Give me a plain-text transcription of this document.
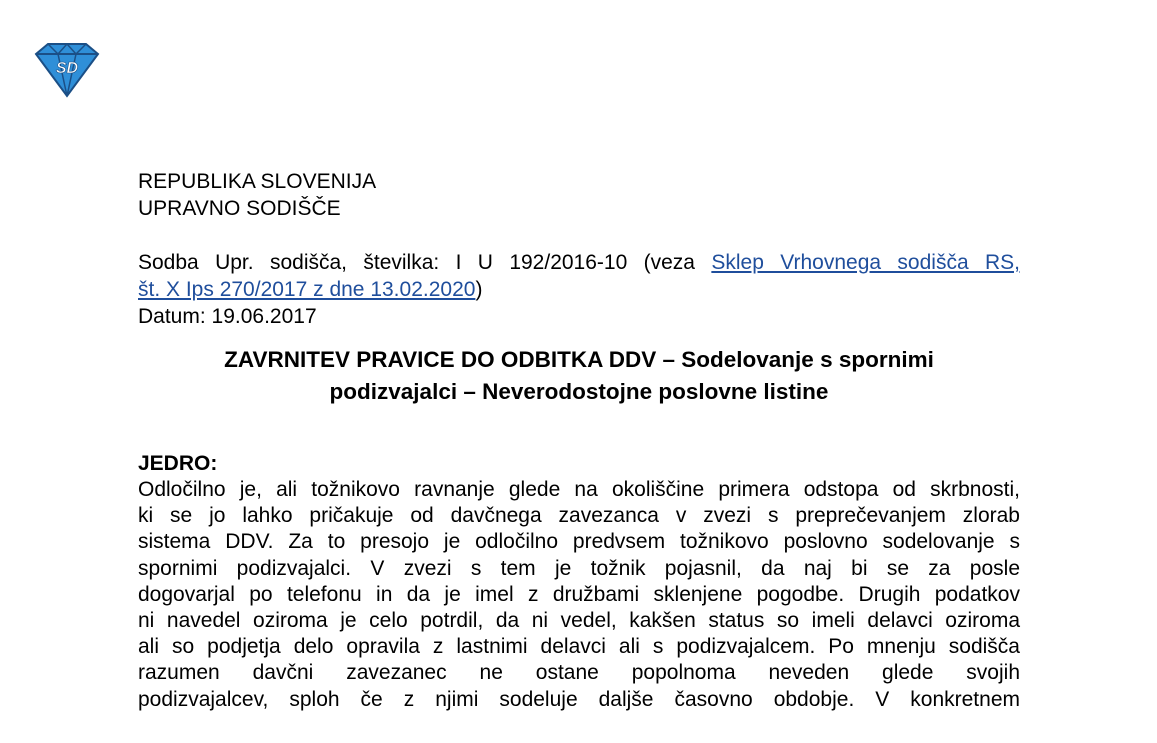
SD
REPUBLIKA SLOVENIJA
UPRAVNO SODIŠČE
Sodba Upr. sodišča, številka: I U 192/2016-10 (veza Sklep Vrhovnega sodišča RS,
št. X Ips 270/2017 z dne 13.02.2020)
Datum: 19.06.2017
ZAVRNITEV PRAVICE DO ODBITKA DDV – Sodelovanje s spornimi
podizvajalci – Neverodostojne poslovne listine
JEDRO:
Odločilno je, ali tožnikovo ravnanje glede na okoliščine primera odstopa od skrbnosti,
ki se jo lahko pričakuje od davčnega zavezanca v zvezi s preprečevanjem zlorab
sistema DDV. Za to presojo je odločilno predvsem tožnikovo poslovno sodelovanje s
spornimi podizvajalci. V zvezi s tem je tožnik pojasnil, da naj bi se za posle
dogovarjal po telefonu in da je imel z družbami sklenjene pogodbe. Drugih podatkov
ni navedel oziroma je celo potrdil, da ni vedel, kakšen status so imeli delavci oziroma
ali so podjetja delo opravila z lastnimi delavci ali s podizvajalcem. Po mnenju sodišča
razumen davčni zavezanec ne ostane popolnoma neveden glede svojih
podizvajalcev, sploh če z njimi sodeluje daljše časovno obdobje. V konkretnem
